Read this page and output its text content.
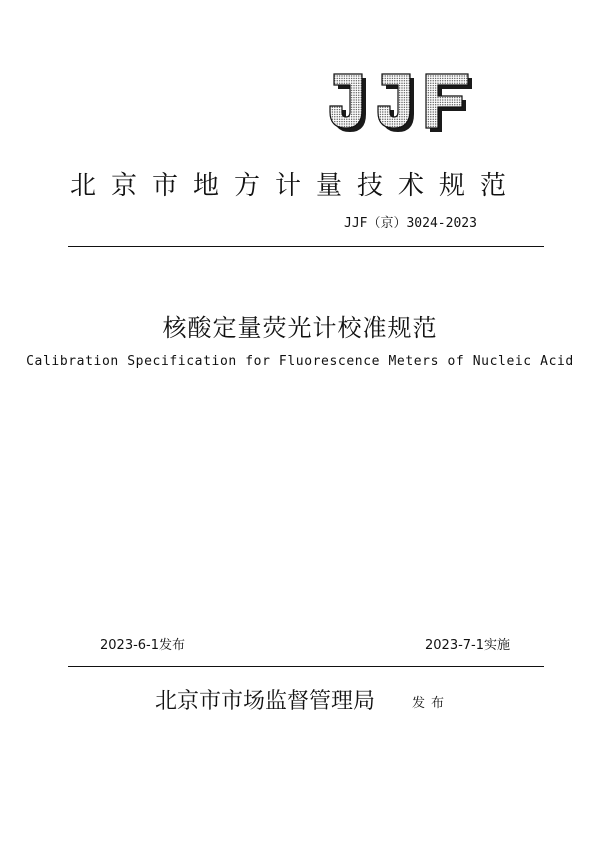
北京市地方计量技术规范
JJF（京）3024-2023
核酸定量荧光计校准规范
Calibration Specification for Fluorescence Meters of Nucleic Acid
2023-6-1发布	2023-7-1实施
北京市市场监督管理局	发布
